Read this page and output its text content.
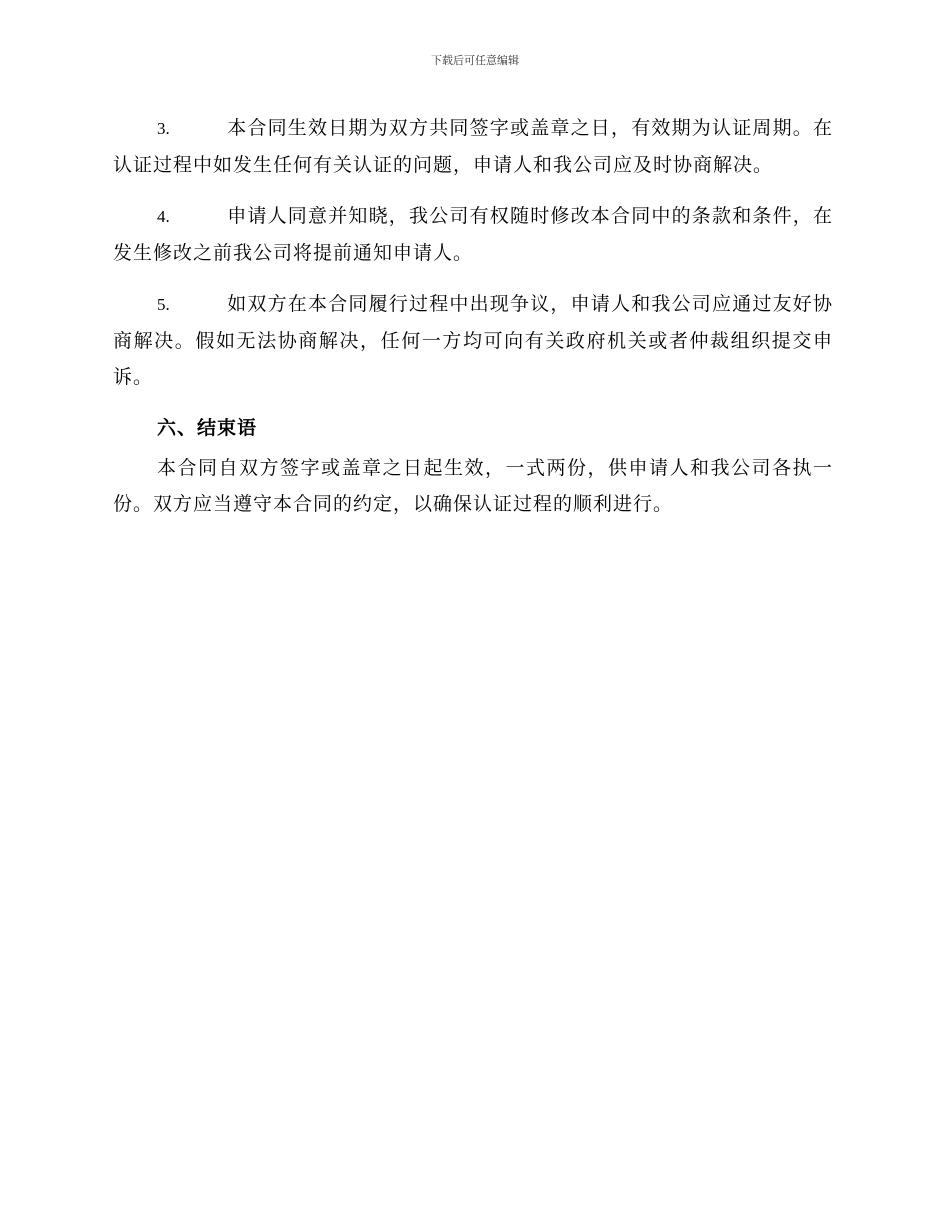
下载后可任意编辑

3.	本合同生效日期为双方共同签字或盖章之日，有效期为认证周期。在认证过程中如发生任何有关认证的问题，申请人和我公司应及时协商解决。

4.	申请人同意并知晓，我公司有权随时修改本合同中的条款和条件，在发生修改之前我公司将提前通知申请人。

5.	如双方在本合同履行过程中出现争议，申请人和我公司应通过友好协商解决。假如无法协商解决，任何一方均可向有关政府机关或者仲裁组织提交申诉。

六、结束语

本合同自双方签字或盖章之日起生效，一式两份，供申请人和我公司各执一份。双方应当遵守本合同的约定，以确保认证过程的顺利进行。
